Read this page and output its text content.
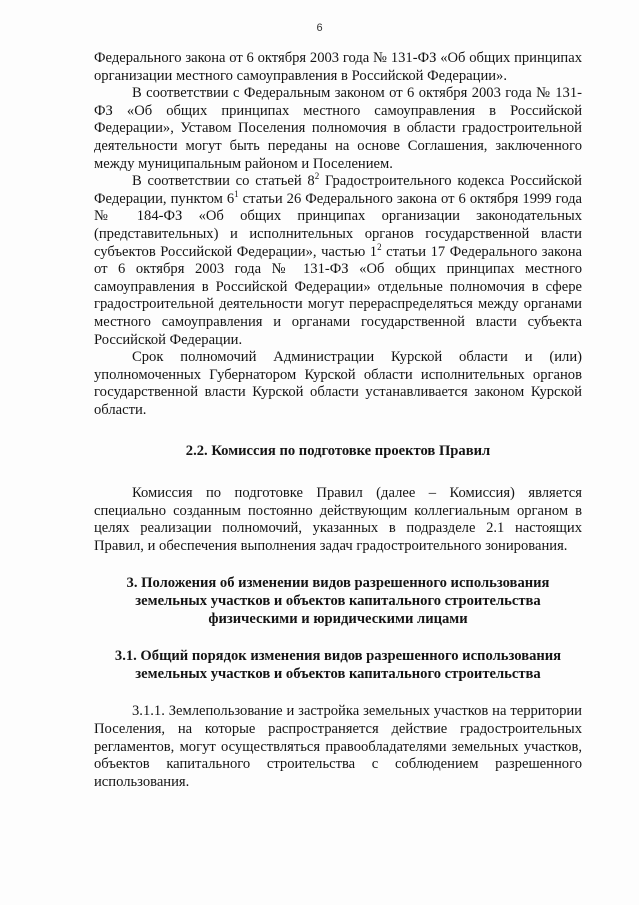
6

Федерального закона от 6 октября 2003 года № 131-ФЗ «Об общих принципах организации местного самоуправления в Российской Федерации».

В соответствии с Федеральным законом от 6 октября 2003 года № 131-ФЗ «Об общих принципах местного самоуправления в Российской Федерации», Уставом Поселения полномочия в области градостроительной деятельности могут быть переданы на основе Соглашения, заключенного между муниципальным районом и Поселением.

В соответствии со статьей $8^2$ Градостроительного кодекса Российской Федерации, пунктом $6^1$ статьи 26 Федерального закона от 6 октября 1999 года № 184-ФЗ «Об общих принципах организации законодательных (представительных) и исполнительных органов государственной власти субъектов Российской Федерации», частью $1^2$ статьи 17 Федерального закона от 6 октября 2003 года № 131-ФЗ «Об общих принципах местного самоуправления в Российской Федерации» отдельные полномочия в сфере градостроительной деятельности могут перераспределяться между органами местного самоуправления и органами государственной власти субъекта Российской Федерации.

Срок полномочий Администрации Курской области и (или) уполномоченных Губернатором Курской области исполнительных органов государственной власти Курской области устанавливается законом Курской области.

2.2. Комиссия по подготовке проектов Правил

Комиссия по подготовке Правил (далее – Комиссия) является специально созданным постоянно действующим коллегиальным органом в целях реализации полномочий, указанных в подразделе 2.1 настоящих Правил, и обеспечения выполнения задач градостроительного зонирования.

3. Положения об изменении видов разрешенного использования земельных участков и объектов капитального строительства физическими и юридическими лицами

3.1. Общий порядок изменения видов разрешенного использования земельных участков и объектов капитального строительства

3.1.1. Землепользование и застройка земельных участков на территории Поселения, на которые распространяется действие градостроительных регламентов, могут осуществляться правообладателями земельных участков, объектов капитального строительства с соблюдением разрешенного использования.
